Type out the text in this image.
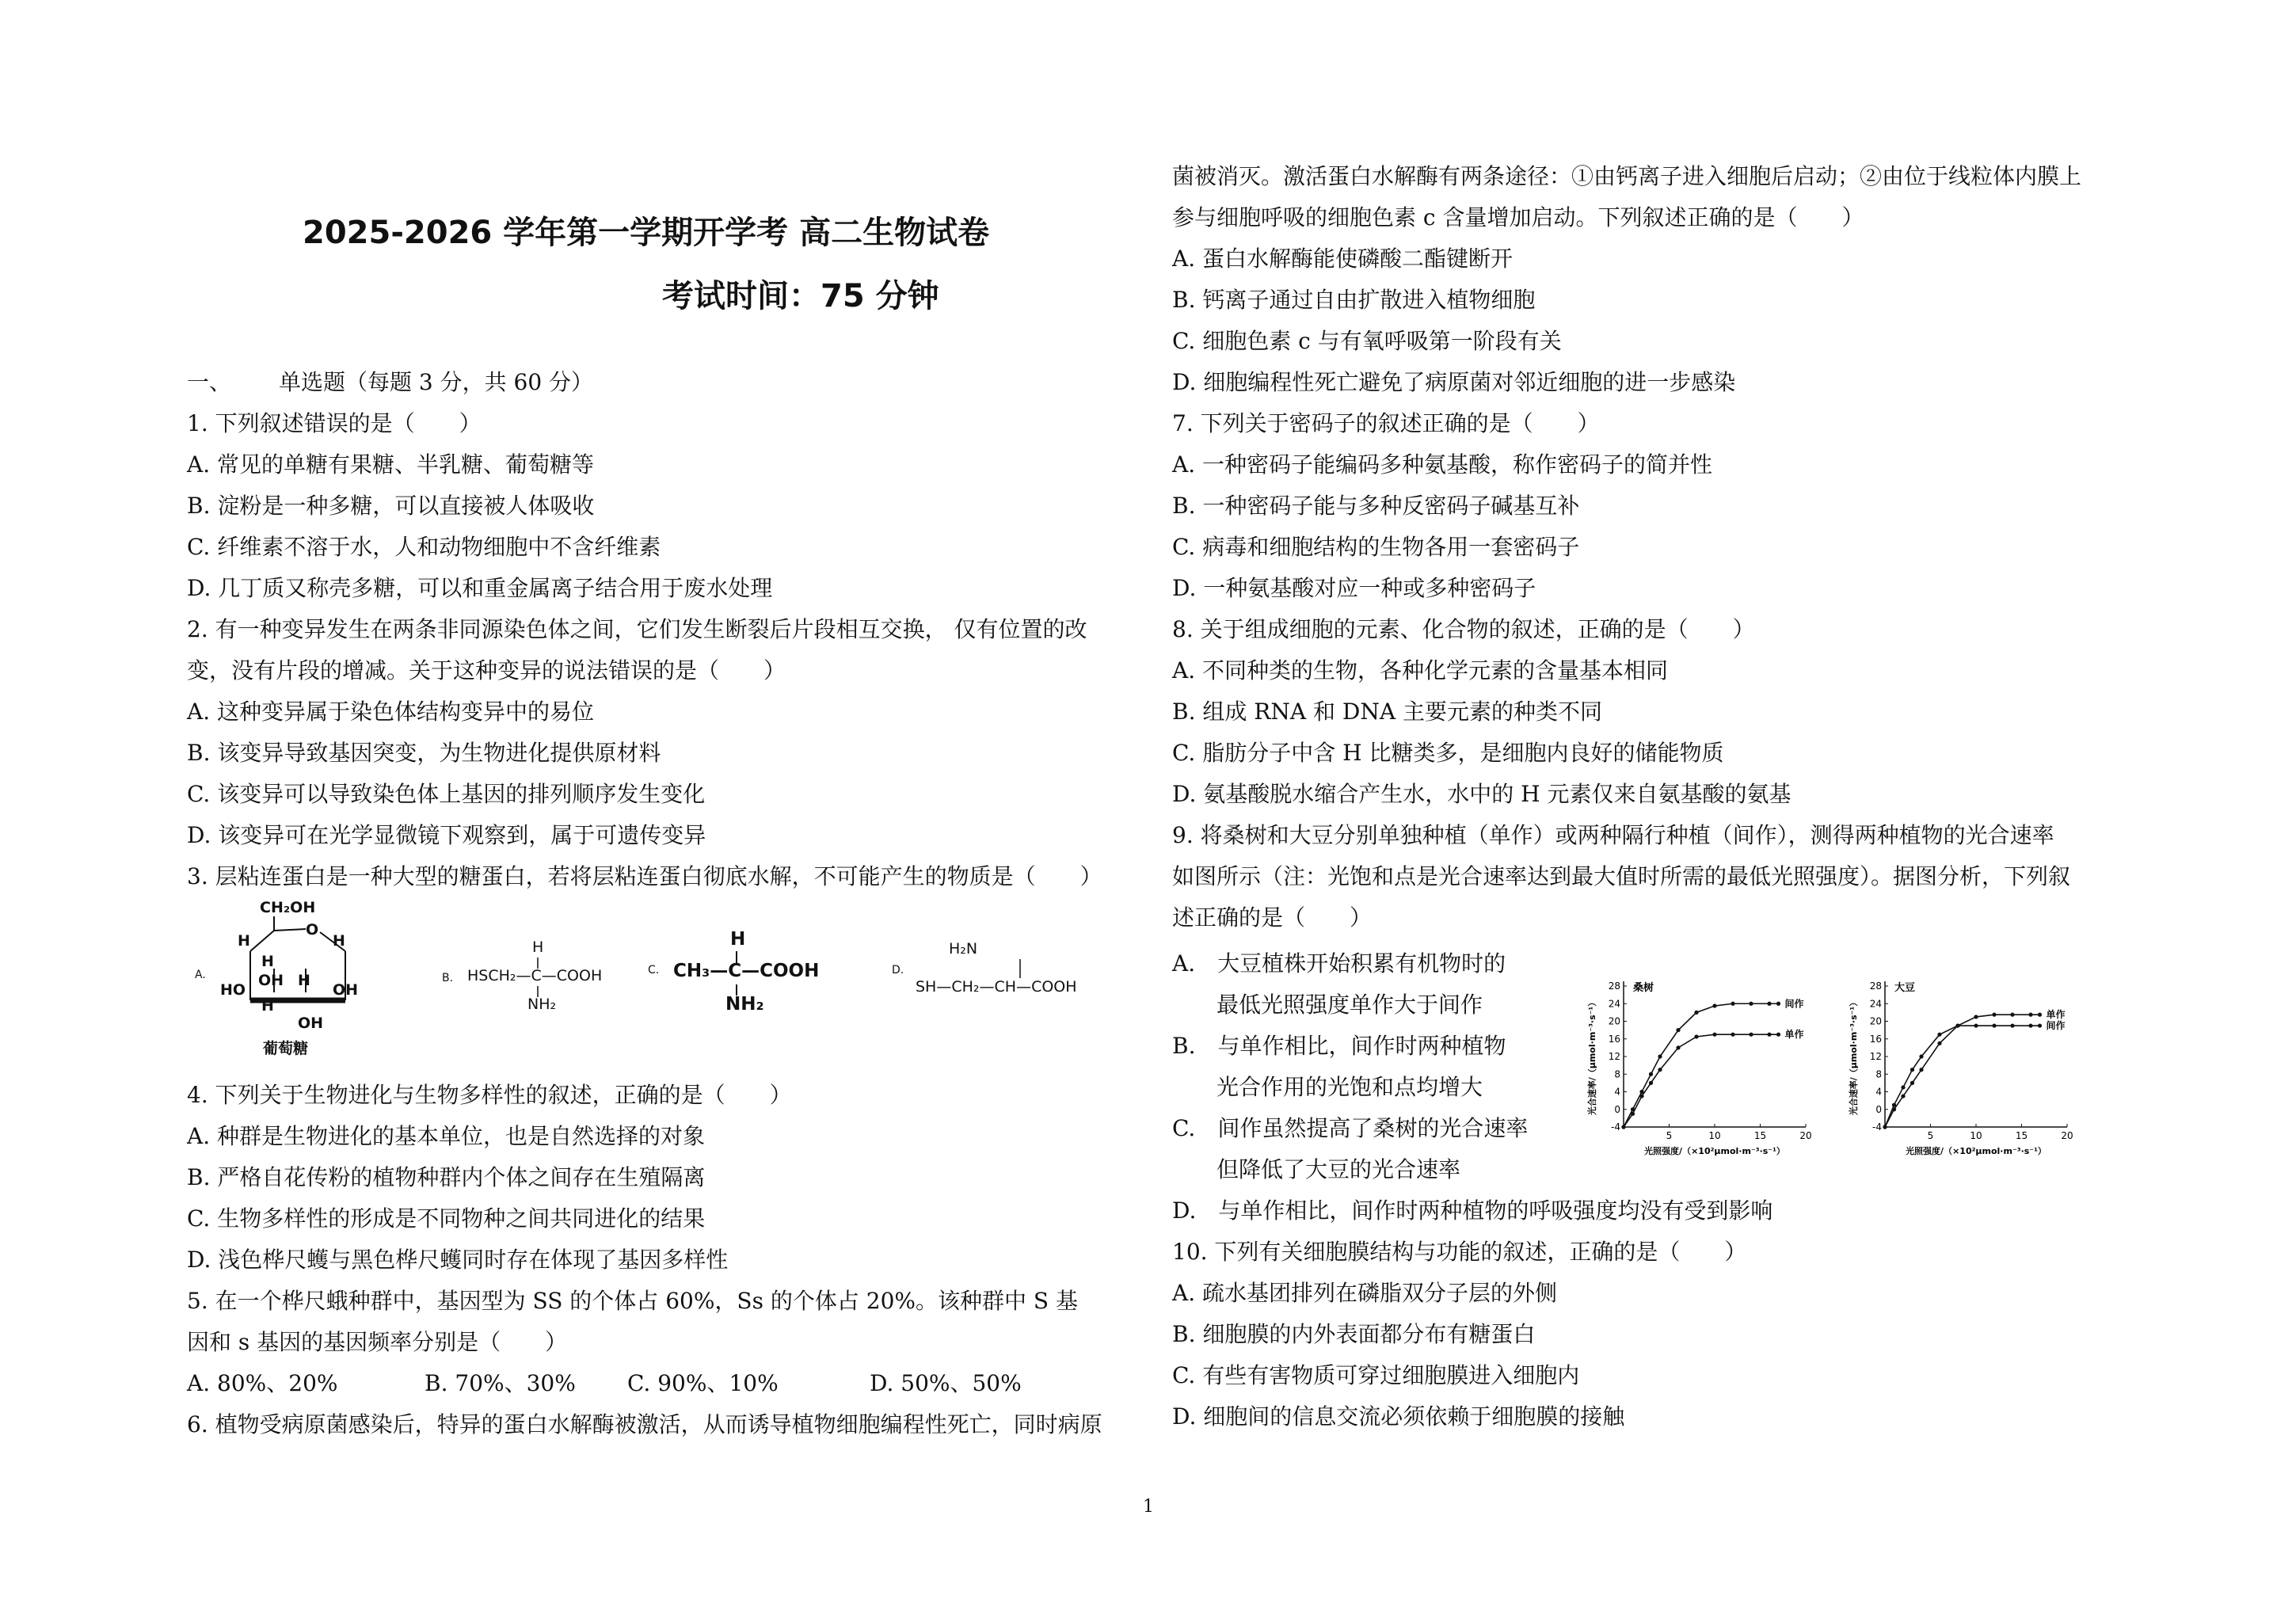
2025-2026 学年第一学期开学考 高二生物试卷
考试时间：75 分钟
一、 单选题（每题 3 分，共 60 分）
1. 下列叙述错误的是（　　）
A. 常见的单糖有果糖、半乳糖、葡萄糖等
B. 淀粉是一种多糖，可以直接被人体吸收
C. 纤维素不溶于水，人和动物细胞中不含纤维素
D. 几丁质又称壳多糖，可以和重金属离子结合用于废水处理
2. 有一种变异发生在两条非同源染色体之间，它们发生断裂后片段相互交换， 仅有位置的改
变，没有片段的增减。关于这种变异的说法错误的是（　　）
A. 这种变异属于染色体结构变异中的易位
B. 该变异导致基因突变，为生物进化提供原材料
C. 该变异可以导致染色体上基因的排列顺序发生变化
D. 该变异可在光学显微镜下观察到，属于可遗传变异
3. 层粘连蛋白是一种大型的糖蛋白，若将层粘连蛋白彻底水解，不可能产生的物质是（　　）
4. 下列关于生物进化与生物多样性的叙述，正确的是（　　）
A. 种群是生物进化的基本单位，也是自然选择的对象
B. 严格自花传粉的植物种群内个体之间存在生殖隔离
C. 生物多样性的形成是不同物种之间共同进化的结果
D. 浅色桦尺蠖与黑色桦尺蠖同时存在体现了基因多样性
5. 在一个桦尺蛾种群中，基因型为 SS 的个体占 60%，Ss 的个体占 20%。该种群中 S 基
因和 s 基因的基因频率分别是（　　）
A. 80%、20%	B. 70%、30% C. 90%、10%	D. 50%、50%
6. 植物受病原菌感染后，特异的蛋白水解酶被激活，从而诱导植物细胞编程性死亡，同时病原
A.
CH₂OH
O
H	H
H
OH H
HO	OH
H
OH
葡萄糖
B.
H
HSCH₂—C—COOH
NH₂
C.
H
CH₃—C—COOH
NH₂
D.
H₂N
SH—CH₂—CH—COOH
菌被消灭。激活蛋白水解酶有两条途径：①由钙离子进入细胞后启动；②由位于线粒体内膜上
参与细胞呼吸的细胞色素 c 含量增加启动。下列叙述正确的是（　　）
A. 蛋白水解酶能使磷酸二酯键断开
B. 钙离子通过自由扩散进入植物细胞
C. 细胞色素 c 与有氧呼吸第一阶段有关
D. 细胞编程性死亡避免了病原菌对邻近细胞的进一步感染
7. 下列关于密码子的叙述正确的是（　　）
A. 一种密码子能编码多种氨基酸，称作密码子的简并性
B. 一种密码子能与多种反密码子碱基互补
C. 病毒和细胞结构的生物各用一套密码子
D. 一种氨基酸对应一种或多种密码子
8. 关于组成细胞的元素、化合物的叙述，正确的是（　　）
A. 不同种类的生物，各种化学元素的含量基本相同
B. 组成 RNA 和 DNA 主要元素的种类不同
C. 脂肪分子中含 H 比糖类多，是细胞内良好的储能物质
D. 氨基酸脱水缩合产生水，水中的 H 元素仅来自氨基酸的氨基
9. 将桑树和大豆分别单独种植（单作）或两种隔行种植（间作），测得两种植物的光合速率
如图所示（注：光饱和点是光合速率达到最大值时所需的最低光照强度）。据图分析，下列叙
述正确的是（　　）
A.　大豆植株开始积累有机物时的
　　最低光照强度单作大于间作
B.　与单作相比，间作时两种植物
　　光合作用的光饱和点均增大
C.　间作虽然提高了桑树的光合速率
　　但降低了大豆的光合速率
D.　与单作相比，间作时两种植物的呼吸强度均没有受到影响
10. 下列有关细胞膜结构与功能的叙述，正确的是（　　）
A. 疏水基团排列在磷脂双分子层的外侧
B. 细胞膜的内外表面都分布有糖蛋白
C. 有些有害物质可穿过细胞膜进入细胞内
D. 细胞间的信息交流必须依赖于细胞膜的接触
-4
0
4
8
12
16
20
24
28
5	10	15	20
桑树
光照强度/（×10²μmol·m⁻³·s⁻¹）
光合速率/（μmol·m⁻³·s⁻¹）	间作
单作
-4
0
4
8
12
16
20
24
28
5	10	15	20
大豆
光照强度/（×10²μmol·m⁻³·s⁻¹）
光合速率/（μmol·m⁻³·s⁻¹）	单作
间作
1
